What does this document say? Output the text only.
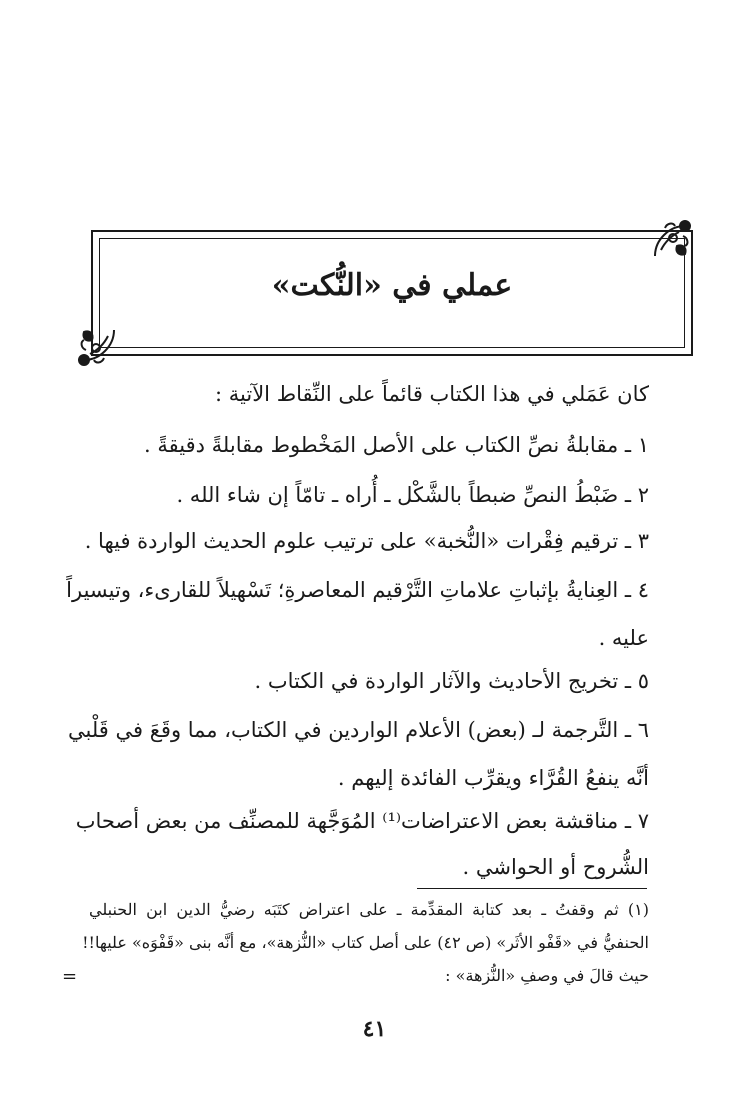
عملي في «النُّكت»
كان عَمَلي في هذا الكتاب قائماً على النِّقاط الآتية :
١ ـ مقابلةُ نصِّ الكتاب على الأصل المَخْطوط مقابلةً دقيقةً .
٢ ـ ضَبْطُ النصِّ ضبطاً بالشَّكْل ـ أُراه ـ تامّاً إن شاء الله .
٣ ـ ترقيم فِقْرات «النُّخبة» على ترتيب علوم الحديث الواردة فيها .
٤ ـ العِنايةُ بإثباتِ علاماتِ التَّرْقيم المعاصرةِ؛ تَسْهيلاً للقارىء، وتيسيراً
عليه .
٥ ـ تخريج الأحاديث والآثار الواردة في الكتاب .
٦ ـ التَّرجمة لـ (بعض) الأعلام الواردين في الكتاب، مما وقَعَ في قَلْبي
أنَّه ينفعُ القُرَّاء ويقرِّب الفائدة إليهم .
٧ ـ مناقشة بعض الاعتراضات⁽¹⁾ المُوَجَّهة للمصنِّف من بعض أصحاب
الشُّروح أو الحواشي .
(١) ثم وقفتُ ـ بعد كتابة المقدِّمة ـ على اعتراض كتَبَه رضيُّ الدين ابن الحنبلي
الحنفيُّ في «قَفْو الأثَر» (ص ٤٢) على أصل كتاب «النُّزهة»، مع أنَّه بنى «قَفْوَه» عليها!!
حيث قالَ في وصفِ «النُّزهة» :
=
٤١
